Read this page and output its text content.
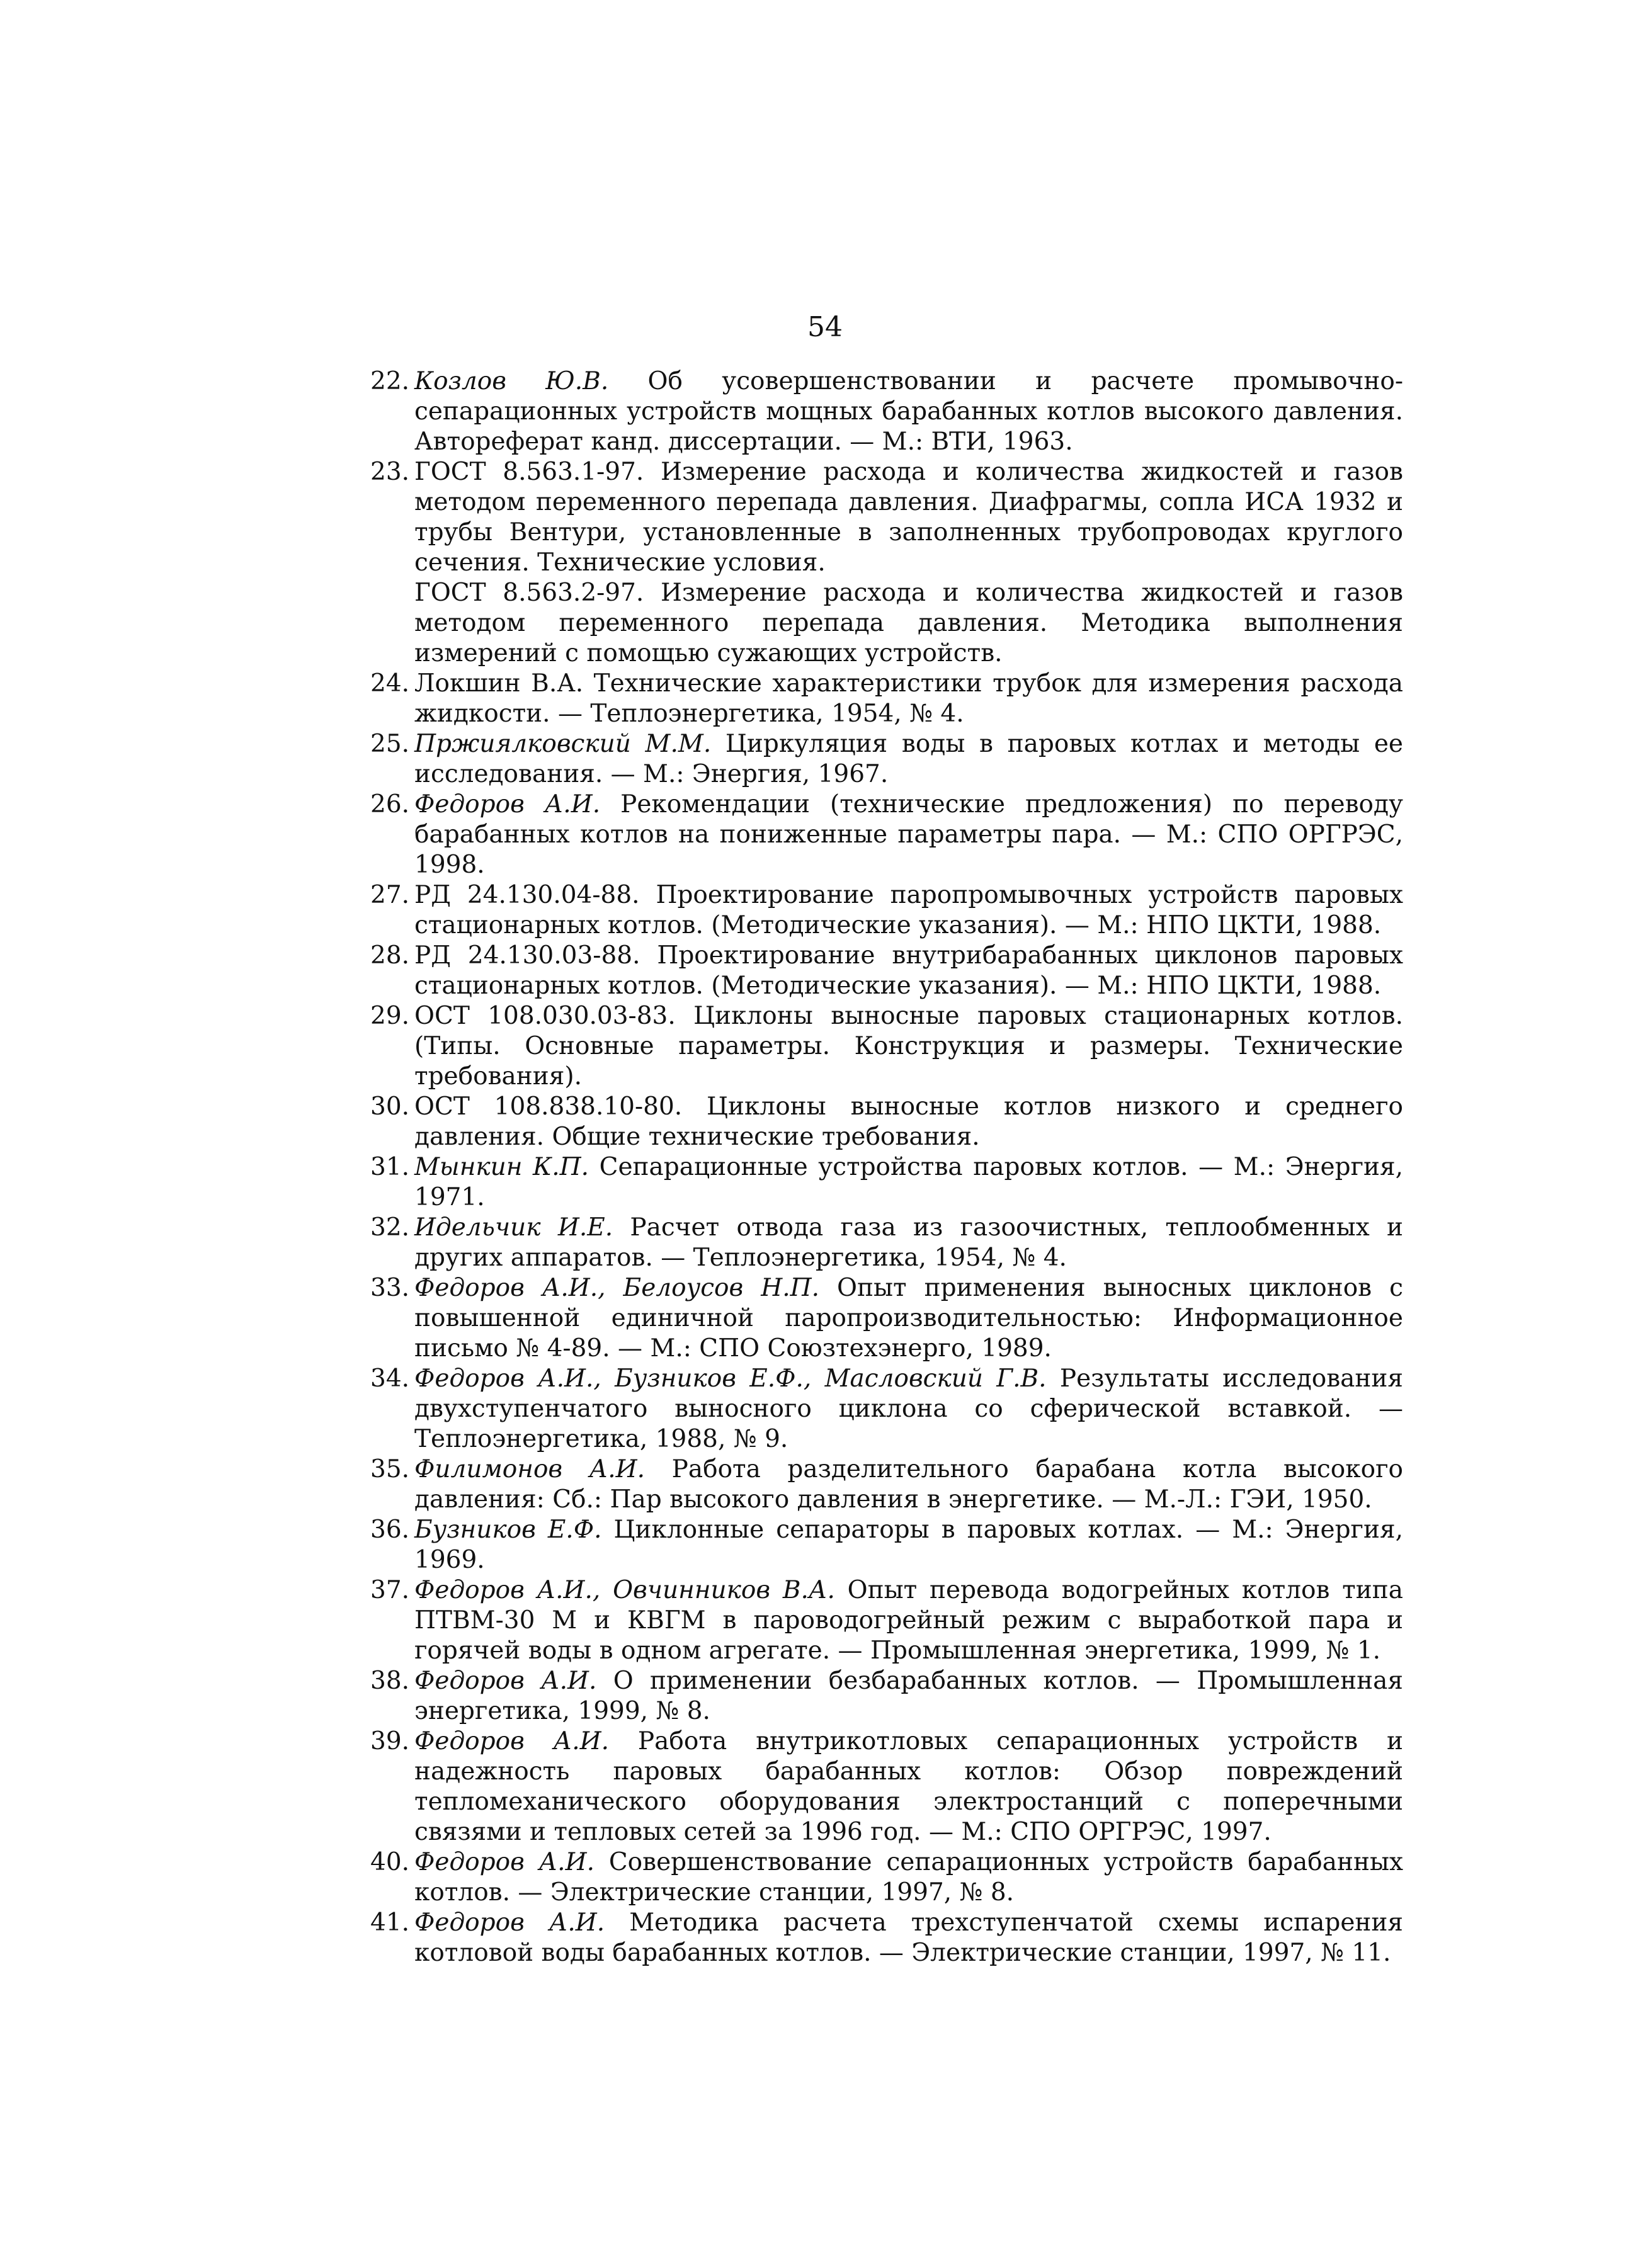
54

22. Козлов Ю.В. Об усовершенствовании и расчете промывочно-сепарационных устройств мощных барабанных котлов высокого давления. Автореферат канд. диссертации. — М.: ВТИ, 1963.

23. ГОСТ 8.563.1-97. Измерение расхода и количества жидкостей и газов методом переменного перепада давления. Диафрагмы, сопла ИСА 1932 и трубы Вентури, установленные в заполненных трубопроводах круглого сечения. Технические условия.
ГОСТ 8.563.2-97. Измерение расхода и количества жидкостей и газов методом переменного перепада давления. Методика выполнения измерений с помощью сужающих устройств.

24. Локшин В.А. Технические характеристики трубок для измерения расхода жидкости. — Теплоэнергетика, 1954, № 4.

25. Пржиялковский М.М. Циркуляция воды в паровых котлах и методы ее исследования. — М.: Энергия, 1967.

26. Федоров А.И. Рекомендации (технические предложения) по переводу барабанных котлов на пониженные параметры пара. — М.: СПО ОРГРЭС, 1998.

27. РД 24.130.04-88. Проектирование паропромывочных устройств паровых стационарных котлов. (Методические указания). — М.: НПО ЦКТИ, 1988.

28. РД 24.130.03-88. Проектирование внутрибарабанных циклонов паровых стационарных котлов. (Методические указания). — М.: НПО ЦКТИ, 1988.

29. ОСТ 108.030.03-83. Циклоны выносные паровых стационарных котлов. (Типы. Основные параметры. Конструкция и размеры. Технические требования).

30. ОСТ 108.838.10-80. Циклоны выносные котлов низкого и среднего давления. Общие технические требования.

31. Мынкин К.П. Сепарационные устройства паровых котлов. — М.: Энергия, 1971.

32. Идельчик И.Е. Расчет отвода газа из газоочистных, теплообменных и других аппаратов. — Теплоэнергетика, 1954, № 4.

33. Федоров А.И., Белоусов Н.П. Опыт применения выносных циклонов с повышенной единичной паропроизводительностью: Информационное письмо № 4-89. — М.: СПО Союзтехэнерго, 1989.

34. Федоров А.И., Бузников Е.Ф., Масловский Г.В. Результаты исследования двухступенчатого выносного циклона со сферической вставкой. — Теплоэнергетика, 1988, № 9.

35. Филимонов А.И. Работа разделительного барабана котла высокого давления: Сб.: Пар высокого давления в энергетике. — М.-Л.: ГЭИ, 1950.

36. Бузников Е.Ф. Циклонные сепараторы в паровых котлах. — М.: Энергия, 1969.

37. Федоров А.И., Овчинников В.А. Опыт перевода водогрейных котлов типа ПТВМ-30 М и КВГМ в пароводогрейный режим с выработкой пара и горячей воды в одном агрегате. — Промышленная энергетика, 1999, № 1.

38. Федоров А.И. О применении безбарабанных котлов. — Промышленная энергетика, 1999, № 8.

39. Федоров А.И. Работа внутрикотловых сепарационных устройств и надежность паровых барабанных котлов: Обзор повреждений тепломеханического оборудования электростанций с поперечными связями и тепловых сетей за 1996 год. — М.: СПО ОРГРЭС, 1997.

40. Федоров А.И. Совершенствование сепарационных устройств барабанных котлов. — Электрические станции, 1997, № 8.

41. Федоров А.И. Методика расчета трехступенчатой схемы испарения котловой воды барабанных котлов. — Электрические станции, 1997, № 11.
